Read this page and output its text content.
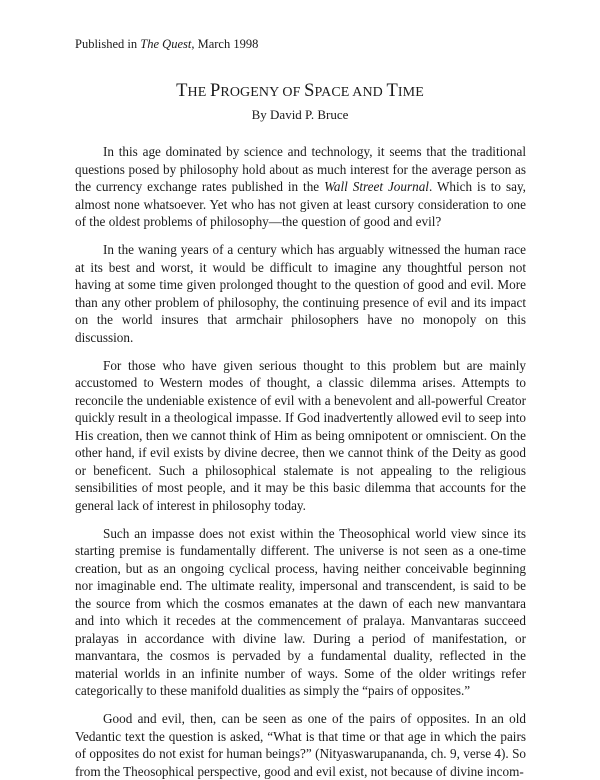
Published in The Quest, March 1998
THE PROGENY OF SPACE AND TIME
By David P. Bruce

In this age dominated by science and technology, it seems that the traditional questions posed by philosophy hold about as much interest for the average person as the currency exchange rates published in the Wall Street Journal. Which is to say, almost none whatsoever. Yet who has not given at least cursory consideration to one of the oldest problems of philosophy—the question of good and evil?

In the waning years of a century which has arguably witnessed the human race at its best and worst, it would be difficult to imagine any thoughtful person not having at some time given prolonged thought to the question of good and evil. More than any other problem of philosophy, the continuing presence of evil and its impact on the world insures that armchair philosophers have no monopoly on this discussion.

For those who have given serious thought to this problem but are mainly accustomed to Western modes of thought, a classic dilemma arises. Attempts to reconcile the undeniable existence of evil with a benevolent and all-powerful Creator quickly result in a theological impasse. If God inadvertently allowed evil to seep into His creation, then we cannot think of Him as being omnipotent or omniscient. On the other hand, if evil exists by divine decree, then we cannot think of the Deity as good or beneficent. Such a philosophical stalemate is not appealing to the religious sensibilities of most people, and it may be this basic dilemma that accounts for the general lack of interest in philosophy today.

Such an impasse does not exist within the Theosophical world view since its starting premise is fundamentally different. The universe is not seen as a one-time creation, but as an ongoing cyclical process, having neither conceivable beginning nor imaginable end. The ultimate reality, impersonal and transcendent, is said to be the source from which the cosmos emanates at the dawn of each new manvantara and into which it recedes at the commencement of pralaya. Manvantaras succeed pralayas in accordance with divine law. During a period of manifestation, or manvantara, the cosmos is pervaded by a fundamental duality, reflected in the material worlds in an infinite number of ways. Some of the older writings refer categorically to these manifold dualities as simply the “pairs of opposites.”

Good and evil, then, can be seen as one of the pairs of opposites. In an old Vedantic text the question is asked, “What is that time or that age in which the pairs of opposites do not exist for human beings?” (Nityaswarupananda, ch. 9, verse 4). So from the Theosophical perspective, good and evil exist, not because of divine incom-
